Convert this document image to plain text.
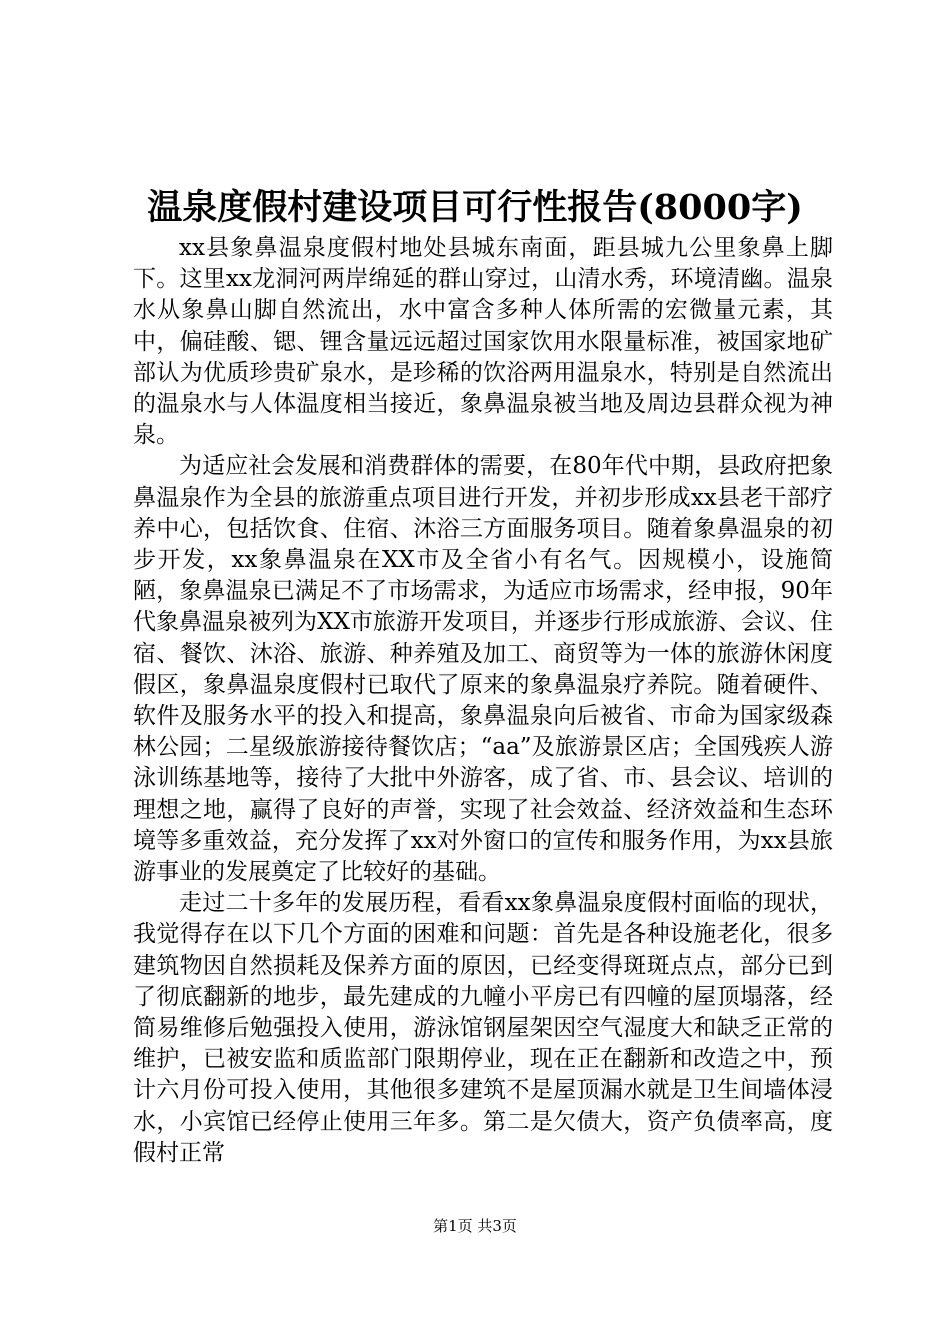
温泉度假村建设项目可行性报告(8000字)

xx县象鼻温泉度假村地处县城东南面，距县城九公里象鼻上脚下。这里xx龙洞河两岸绵延的群山穿过，山清水秀，环境清幽。温泉水从象鼻山脚自然流出，水中富含多种人体所需的宏微量元素，其中，偏硅酸、锶、锂含量远远超过国家饮用水限量标准，被国家地矿部认为优质珍贵矿泉水，是珍稀的饮浴两用温泉水，特别是自然流出的温泉水与人体温度相当接近，象鼻温泉被当地及周边县群众视为神泉。

为适应社会发展和消费群体的需要，在80年代中期，县政府把象鼻温泉作为全县的旅游重点项目进行开发，并初步形成xx县老干部疗养中心，包括饮食、住宿、沐浴三方面服务项目。随着象鼻温泉的初步开发，xx象鼻温泉在XX市及全省小有名气。因规模小，设施简陋，象鼻温泉已满足不了市场需求，为适应市场需求，经申报，90年代象鼻温泉被列为XX市旅游开发项目，并逐步行形成旅游、会议、住宿、餐饮、沐浴、旅游、种养殖及加工、商贸等为一体的旅游休闲度假区，象鼻温泉度假村已取代了原来的象鼻温泉疗养院。随着硬件、软件及服务水平的投入和提高，象鼻温泉向后被省、市命为国家级森林公园；二星级旅游接待餐饮店；“aa”及旅游景区店；全国残疾人游泳训练基地等，接待了大批中外游客，成了省、市、县会议、培训的理想之地，赢得了良好的声誉，实现了社会效益、经济效益和生态环境等多重效益，充分发挥了xx对外窗口的宣传和服务作用，为xx县旅游事业的发展奠定了比较好的基础。

走过二十多年的发展历程，看看xx象鼻温泉度假村面临的现状，我觉得存在以下几个方面的困难和问题：首先是各种设施老化，很多建筑物因自然损耗及保养方面的原因，已经变得斑斑点点，部分已到了彻底翻新的地步，最先建成的九幢小平房已有四幢的屋顶塌落，经简易维修后勉强投入使用，游泳馆钢屋架因空气湿度大和缺乏正常的维护，已被安监和质监部门限期停业，现在正在翻新和改造之中，预计六月份可投入使用，其他很多建筑不是屋顶漏水就是卫生间墙体浸水，小宾馆已经停止使用三年多。第二是欠债大，资产负债率高，度假村正常

第1页 共3页
